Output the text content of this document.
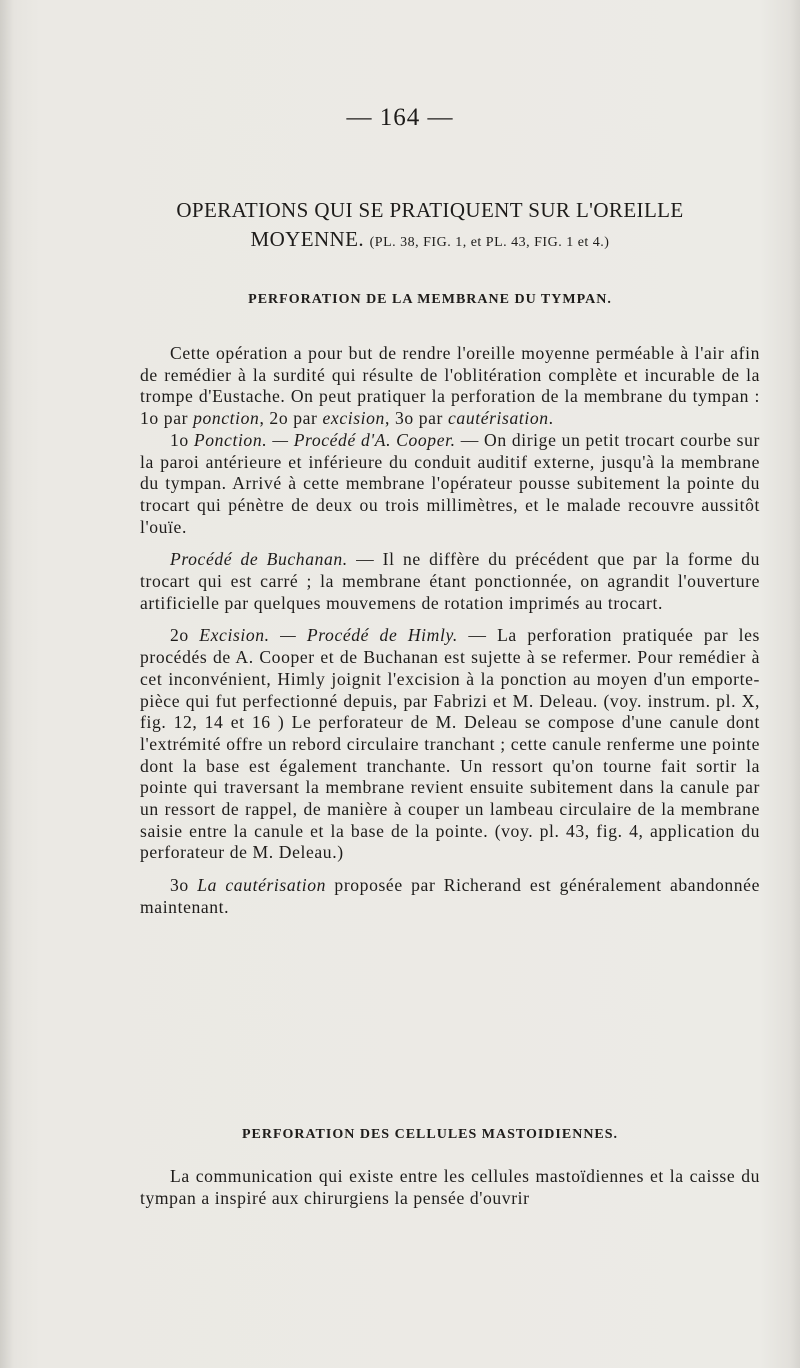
— 164 —
OPERATIONS QUI SE PRATIQUENT SUR L'OREILLE
MOYENNE. (PL. 38, FIG. 1, et PL. 43, FIG. 1 et 4.)
PERFORATION DE LA MEMBRANE DU TYMPAN.

Cette opération a pour but de rendre l'oreille moyenne perméable à l'air afin de remédier à la surdité qui résulte de l'oblitération complète et incurable de la trompe d'Eustache. On peut pratiquer la perforation de la membrane du tympan : 1o par ponction, 2o par excision, 3o par cautérisation.

1o Ponction. — Procédé d'A. Cooper. — On dirige un petit trocart courbe sur la paroi antérieure et inférieure du conduit auditif externe, jusqu'à la membrane du tympan. Arrivé à cette membrane l'opérateur pousse subitement la pointe du trocart qui pénètre de deux ou trois millimètres, et le malade recouvre aussitôt l'ouïe.

Procédé de Buchanan. — Il ne diffère du précédent que par la forme du trocart qui est carré ; la membrane étant ponctionnée, on agrandit l'ouverture artificielle par quelques mouvemens de rotation imprimés au trocart.

2o Excision. — Procédé de Himly. — La perforation pratiquée par les procédés de A. Cooper et de Buchanan est sujette à se refermer. Pour remédier à cet inconvénient, Himly joignit l'excision à la ponction au moyen d'un emporte-pièce qui fut perfectionné depuis, par Fabrizi et M. Deleau. (voy. instrum. pl. X, fig. 12, 14 et 16 ) Le perforateur de M. Deleau se compose d'une canule dont l'extrémité offre un rebord circulaire tranchant ; cette canule renferme une pointe dont la base est également tranchante. Un ressort qu'on tourne fait sortir la pointe qui traversant la membrane revient ensuite subitement dans la canule par un ressort de rappel, de manière à couper un lambeau circulaire de la membrane saisie entre la canule et la base de la pointe. (voy. pl. 43, fig. 4, application du perforateur de M. Deleau.)

3o La cautérisation proposée par Richerand est généralement abandonnée maintenant.

PERFORATION DES CELLULES MASTOIDIENNES.

La communication qui existe entre les cellules mastoïdiennes et la caisse du tympan a inspiré aux chirurgiens la pensée d'ouvrir
